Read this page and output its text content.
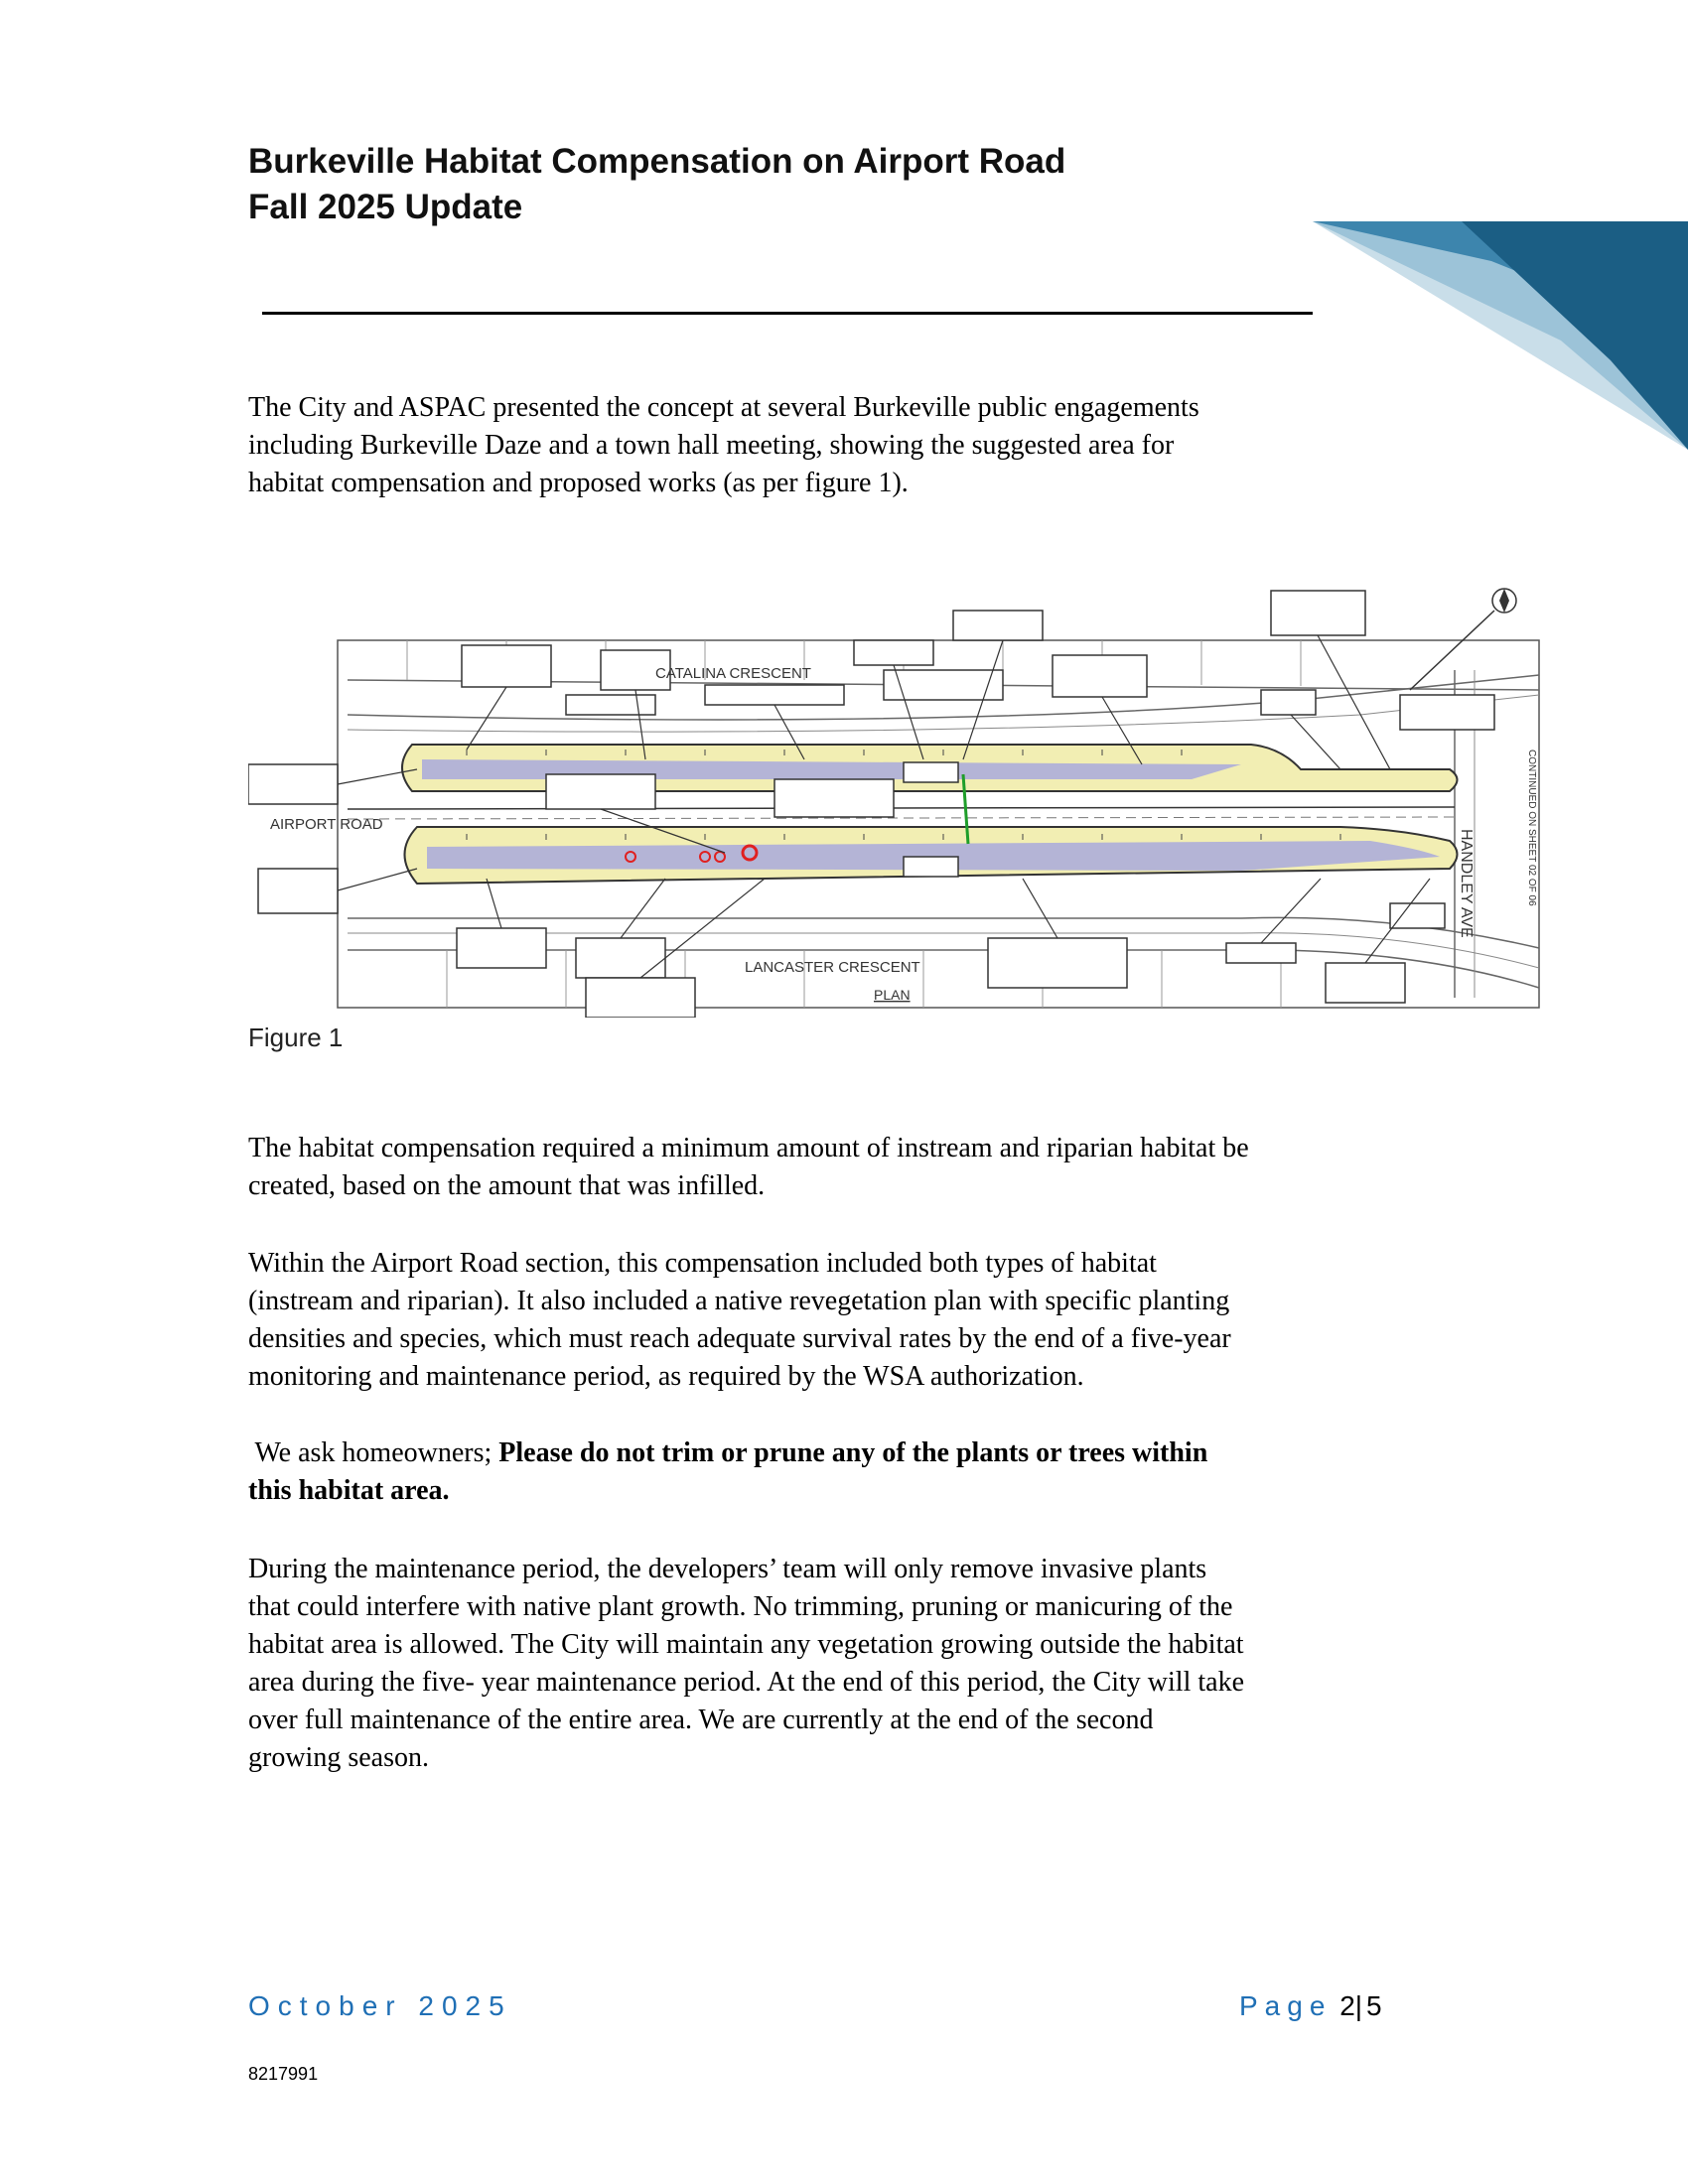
Burkeville Habitat Compensation on Airport Road
Fall 2025 Update

The City and ASPAC presented the concept at several Burkeville public engagements
including Burkeville Daze and a town hall meeting, showing the suggested area for
habitat compensation and proposed works (as per figure 1).

CATALINA CRESCENT
LANCASTER CRESCENT
AIRPORT ROAD
PLAN
HANDLEY AVE	CONTINUED ON SHEET 02 OF 06

Figure 1

The habitat compensation required a minimum amount of instream and riparian habitat be
created, based on the amount that was infilled.

Within the Airport Road section, this compensation included both types of habitat
(instream and riparian). It also included a native revegetation plan with specific planting
densities and species, which must reach adequate survival rates by the end of a five-year
monitoring and maintenance period, as required by the WSA authorization.

We ask homeowners; Please do not trim or prune any of the plants or trees within
this habitat area.

During the maintenance period, the developers’ team will only remove invasive plants
that could interfere with native plant growth. No trimming, pruning or manicuring of the
habitat area is allowed. The City will maintain any vegetation growing outside the habitat
area during the five- year maintenance period. At the end of this period, the City will take
over full maintenance of the entire area. We are currently at the end of the second
growing season.

October 2025	Page 2| 5
8217991
